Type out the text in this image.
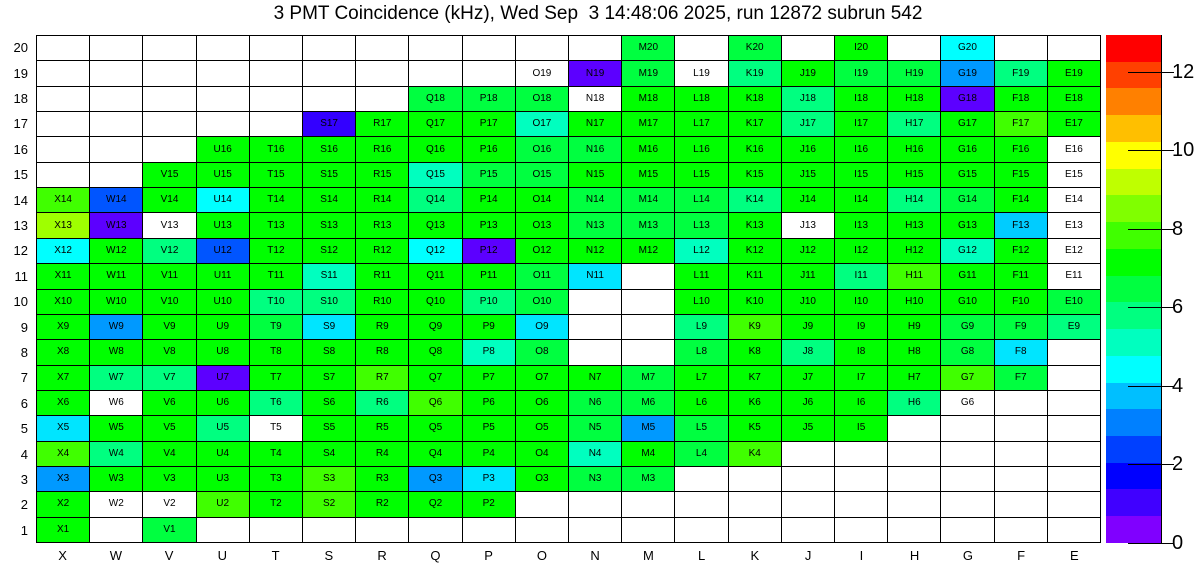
3 PMT Coincidence (kHz), Wed Sep  3 14:48:06 2025, run 12872 subrun 542
20
19
18
17
16
15
14
13
12
11
10
9
8
7
6
5
4
3
2
1
M20	K20	I20	G20
O19	N19	M19	L19	K19	J19	I19	H19	G19	F19	E19
Q18	P18	O18	N18	M18	L18	K18	J18	I18	H18	G18	F18	E18
S17	R17	Q17	P17	O17	N17	M17	L17	K17	J17	I17	H17	G17	F17	E17
U16	T16	S16	R16	Q16	P16	O16	N16	M16	L16	K16	J16	I16	H16	G16	F16	E16
V15	U15	T15	S15	R15	Q15	P15	O15	N15	M15	L15	K15	J15	I15	H15	G15	F15	E15
X14	W14	V14	U14	T14	S14	R14	Q14	P14	O14	N14	M14	L14	K14	J14	I14	H14	G14	F14	E14
X13	W13	V13	U13	T13	S13	R13	Q13	P13	O13	N13	M13	L13	K13	J13	I13	H13	G13	F13	E13
X12	W12	V12	U12	T12	S12	R12	Q12	P12	O12	N12	M12	L12	K12	J12	I12	H12	G12	F12	E12
X11	W11	V11	U11	T11	S11	R11	Q11	P11	O11	N11	L11	K11	J11	I11	H11	G11	F11	E11
X10	W10	V10	U10	T10	S10	R10	Q10	P10	O10	L10	K10	J10	I10	H10	G10	F10	E10
X9	W9	V9	U9	T9	S9	R9	Q9	P9	O9	L9	K9	J9	I9	H9	G9	F9	E9
X8	W8	V8	U8	T8	S8	R8	Q8	P8	O8	L8	K8	J8	I8	H8	G8	F8
X7	W7	V7	U7	T7	S7	R7	Q7	P7	O7	N7	M7	L7	K7	J7	I7	H7	G7	F7
X6	W6	V6	U6	T6	S6	R6	Q6	P6	O6	N6	M6	L6	K6	J6	I6	H6	G6
X5	W5	V5	U5	T5	S5	R5	Q5	P5	O5	N5	M5	L5	K5	J5	I5
X4	W4	V4	U4	T4	S4	R4	Q4	P4	O4	N4	M4	L4	K4
X3	W3	V3	U3	T3	S3	R3	Q3	P3	O3	N3	M3
X2	W2	V2	U2	T2	S2	R2	Q2	P2
X1	V1
X	W	V	U	T	S	R	Q	P	O	N	M	L	K	J	I	H	G	F	E
0
2
4
6
8
10
12
